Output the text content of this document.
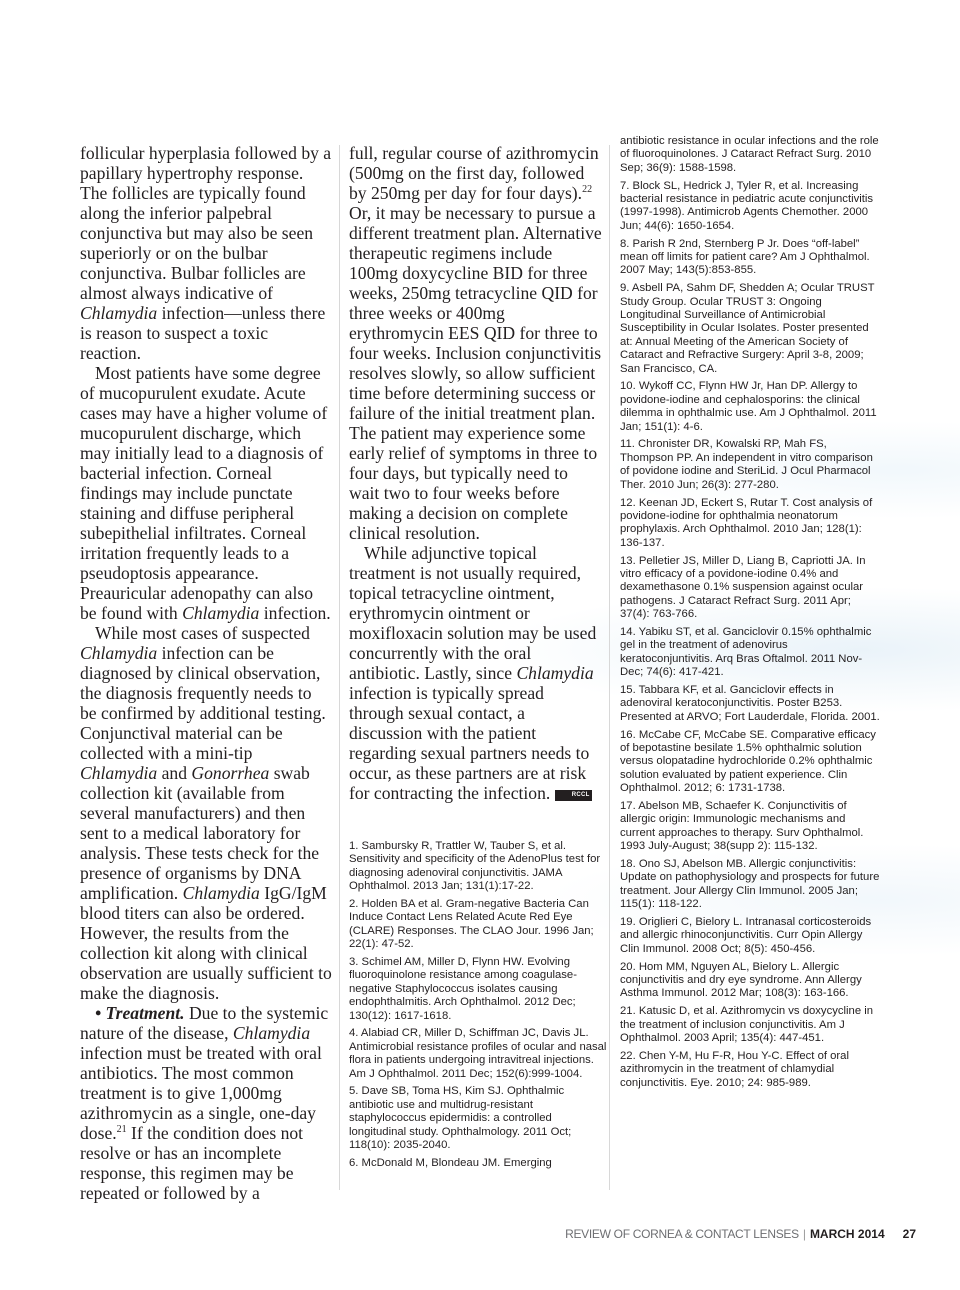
follicular hyperplasia followed by a papillary hypertrophy response. The follicles are typically found along the inferior palpebral conjunctiva but may also be seen superiorly or on the bulbar conjunctiva. Bulbar follicles are almost always indicative of Chlamydia infection—unless there is reason to suspect a toxic reaction.

Most patients have some degree of mucopurulent exudate. Acute cases may have a higher volume of mucopurulent discharge, which may initially lead to a diagnosis of bacterial infection. Corneal findings may include punctate staining and diffuse peripheral subepithelial infiltrates. Corneal irritation frequently leads to a pseudoptosis appearance. Preauricular adenopathy can also be found with Chlamydia infection.

While most cases of suspected Chlamydia infection can be diagnosed by clinical observation, the diagnosis frequently needs to be confirmed by additional testing. Conjunctival material can be collected with a mini-tip Chlamydia and Gonorrhea swab collection kit (available from several manufacturers) and then sent to a medical laboratory for analysis. These tests check for the presence of organisms by DNA amplification. Chlamydia IgG/IgM blood titers can also be ordered. However, the results from the collection kit along with clinical observation are usually sufficient to make the diagnosis.

• Treatment. Due to the systemic nature of the disease, Chlamydia infection must be treated with oral antibiotics. The most common treatment is to give 1,000mg azithromycin as a single, one-day dose.$^{21}$ If the condition does not resolve or has an incomplete response, this regimen may be repeated or followed by a

full, regular course of azithromycin (500mg on the first day, followed by 250mg per day for four days).$^{22}$ Or, it may be necessary to pursue a different treatment plan. Alternative therapeutic regimens include 100mg doxycycline BID for three weeks, 250mg tetracycline QID for three weeks or 400mg erythromycin EES QID for three to four weeks. Inclusion conjunctivitis resolves slowly, so allow sufficient time before determining success or failure of the initial treatment plan. The patient may experience some early relief of symptoms in three to four days, but typically need to wait two to four weeks before making a decision on complete clinical resolution.

While adjunctive topical treatment is not usually required, topical tetracycline ointment, erythromycin ointment or moxifloxacin solution may be used concurrently with the oral antibiotic. Lastly, since Chlamydia infection is typically spread through sexual contact, a discussion with the patient regarding sexual partners needs to occur, as these partners are at risk for contracting the infection.	RCCL

1. Sambursky R, Trattler W, Tauber S, et al. Sensitivity and specificity of the AdenoPlus test for diagnosing adenoviral conjunctivitis. JAMA Ophthalmol. 2013 Jan; 131(1):17-22.
2. Holden BA et al. Gram-negative Bacteria Can Induce Contact Lens Related Acute Red Eye (CLARE) Responses. The CLAO Jour. 1996 Jan; 22(1): 47-52.
3. Schimel AM, Miller D, Flynn HW. Evolving fluoroquinolone resistance among coagulase-negative Staphylococcus isolates causing endophthalmitis. Arch Ophthalmol. 2012 Dec; 130(12): 1617-1618.
4. Alabiad CR, Miller D, Schiffman JC, Davis JL. Antimicrobial resistance profiles of ocular and nasal flora in patients undergoing intravitreal injections. Am J Ophthalmol. 2011 Dec; 152(6):999-1004.
5. Dave SB, Toma HS, Kim SJ. Ophthalmic antibiotic use and multidrug-resistant staphylococcus epidermidis: a controlled longitudinal study. Ophthalmology. 2011 Oct; 118(10): 2035-2040.
6. McDonald M, Blondeau JM. Emerging
antibiotic resistance in ocular infections and the role of fluoroquinolones. J Cataract Refract Surg. 2010 Sep; 36(9): 1588-1598.
7. Block SL, Hedrick J, Tyler R, et al. Increasing bacterial resistance in pediatric acute conjunctivitis (1997-1998). Antimicrob Agents Chemother. 2000 Jun; 44(6): 1650-1654.
8. Parish R 2nd, Sternberg P Jr. Does “off-label” mean off limits for patient care? Am J Ophthalmol. 2007 May; 143(5):853-855.
9. Asbell PA, Sahm DF, Shedden A; Ocular TRUST Study Group. Ocular TRUST 3: Ongoing Longitudinal Surveillance of Antimicrobial Susceptibility in Ocular Isolates. Poster presented at: Annual Meeting of the American Society of Cataract and Refractive Surgery: April 3-8, 2009; San Francisco, CA.
10. Wykoff CC, Flynn HW Jr, Han DP. Allergy to povidone-iodine and cephalosporins: the clinical dilemma in ophthalmic use. Am J Ophthalmol. 2011 Jan; 151(1): 4-6.
11. Chronister DR, Kowalski RP, Mah FS, Thompson PP. An independent in vitro comparison of povidone iodine and SteriLid. J Ocul Pharmacol Ther. 2010 Jun; 26(3): 277-280.
12. Keenan JD, Eckert S, Rutar T. Cost analysis of povidone-iodine for ophthalmia neonatorum prophylaxis. Arch Ophthalmol. 2010 Jan; 128(1): 136-137.
13. Pelletier JS, Miller D, Liang B, Capriotti JA. In vitro efficacy of a povidone-iodine 0.4% and dexamethasone 0.1% suspension against ocular pathogens. J Cataract Refract Surg. 2011 Apr; 37(4): 763-766.
14. Yabiku ST, et al. Ganciclovir 0.15% ophthalmic gel in the treatment of adenovirus keratoconjuntivitis. Arq Bras Oftalmol. 2011 Nov-Dec; 74(6): 417-421.
15. Tabbara KF, et al. Ganciclovir effects in adenoviral keratoconjunctivitis. Poster B253. Presented at ARVO; Fort Lauderdale, Florida. 2001.
16. McCabe CF, McCabe SE. Comparative efficacy of bepotastine besilate 1.5% ophthalmic solution versus olopatadine hydrochloride 0.2% ophthalmic solution evaluated by patient experience. Clin Ophthalmol. 2012; 6: 1731-1738.
17. Abelson MB, Schaefer K. Conjunctivitis of allergic origin: Immunologic mechanisms and current approaches to therapy. Surv Ophthalmol. 1993 July-August; 38(supp 2): 115-132.
18. Ono SJ, Abelson MB. Allergic conjunctivitis: Update on pathophysiology and prospects for future treatment. Jour Allergy Clin Immunol. 2005 Jan; 115(1): 118-122.
19. Origlieri C, Bielory L. Intranasal corticosteroids and allergic rhinoconjunctivitis. Curr Opin Allergy Clin Immunol. 2008 Oct; 8(5): 450-456.
20. Hom MM, Nguyen AL, Bielory L. Allergic conjunctivitis and dry eye syndrome. Ann Allergy Asthma Immunol. 2012 Mar; 108(3): 163-166.
21. Katusic D, et al. Azithromycin vs doxycycline in the treatment of inclusion conjunctivitis. Am J Ophthalmol. 2003 April; 135(4): 447-451.
22. Chen Y-M, Hu F-R, Hou Y-C. Effect of oral azithromycin in the treatment of chlamydial conjunctivitis. Eye. 2010; 24: 985-989.
REVIEW OF CORNEA & CONTACT LENSES | MARCH 2014 27
